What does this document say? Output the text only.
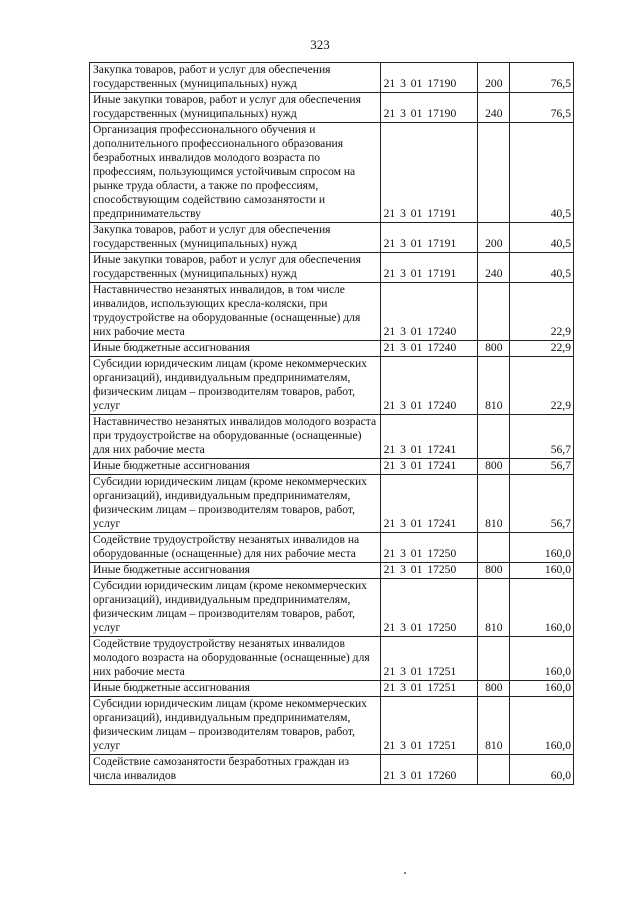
323
Закупка товаров, работ и услуг для обеспечения государственных (муниципальных) нужд	21 3 01 17190	200	76,5
Иные закупки товаров, работ и услуг для обеспечения государственных (муниципальных) нужд	21 3 01 17190	240	76,5
Организация профессионального обучения и дополнительного профессионального образования безработных инвалидов молодого возраста по профессиям, пользующимся устойчивым спросом на рынке труда области, а также по профессиям, способствующим содействию самозанятости и предпринимательству	21 3 01 17191		40,5
Закупка товаров, работ и услуг для обеспечения государственных (муниципальных) нужд	21 3 01 17191	200	40,5
Иные закупки товаров, работ и услуг для обеспечения государственных (муниципальных) нужд	21 3 01 17191	240	40,5
Наставничество незанятых инвалидов, в том числе инвалидов, использующих кресла-коляски, при трудоустройстве на оборудованные (оснащенные) для них рабочие места	21 3 01 17240		22,9
Иные бюджетные ассигнования	21 3 01 17240	800	22,9
Субсидии юридическим лицам (кроме некоммерческих организаций), индивидуальным предпринимателям, физическим лицам – производителям товаров, работ, услуг	21 3 01 17240	810	22,9
Наставничество незанятых инвалидов молодого возраста при трудоустройстве на оборудованные (оснащенные) для них рабочие места	21 3 01 17241		56,7
Иные бюджетные ассигнования	21 3 01 17241	800	56,7
Субсидии юридическим лицам (кроме некоммерческих организаций), индивидуальным предпринимателям, физическим лицам – производителям товаров, работ, услуг	21 3 01 17241	810	56,7
Содействие трудоустройству незанятых инвалидов на оборудованные (оснащенные) для них рабочие места	21 3 01 17250		160,0
Иные бюджетные ассигнования	21 3 01 17250	800	160,0
Субсидии юридическим лицам (кроме некоммерческих организаций), индивидуальным предпринимателям, физическим лицам – производителям товаров, работ, услуг	21 3 01 17250	810	160,0
Содействие трудоустройству незанятых инвалидов молодого возраста на оборудованные (оснащенные) для них рабочие места	21 3 01 17251		160,0
Иные бюджетные ассигнования	21 3 01 17251	800	160,0
Субсидии юридическим лицам (кроме некоммерческих организаций), индивидуальным предпринимателям, физическим лицам – производителям товаров, работ, услуг	21 3 01 17251	810	160,0
Содействие самозанятости безработных граждан из числа инвалидов	21 3 01 17260		60,0
